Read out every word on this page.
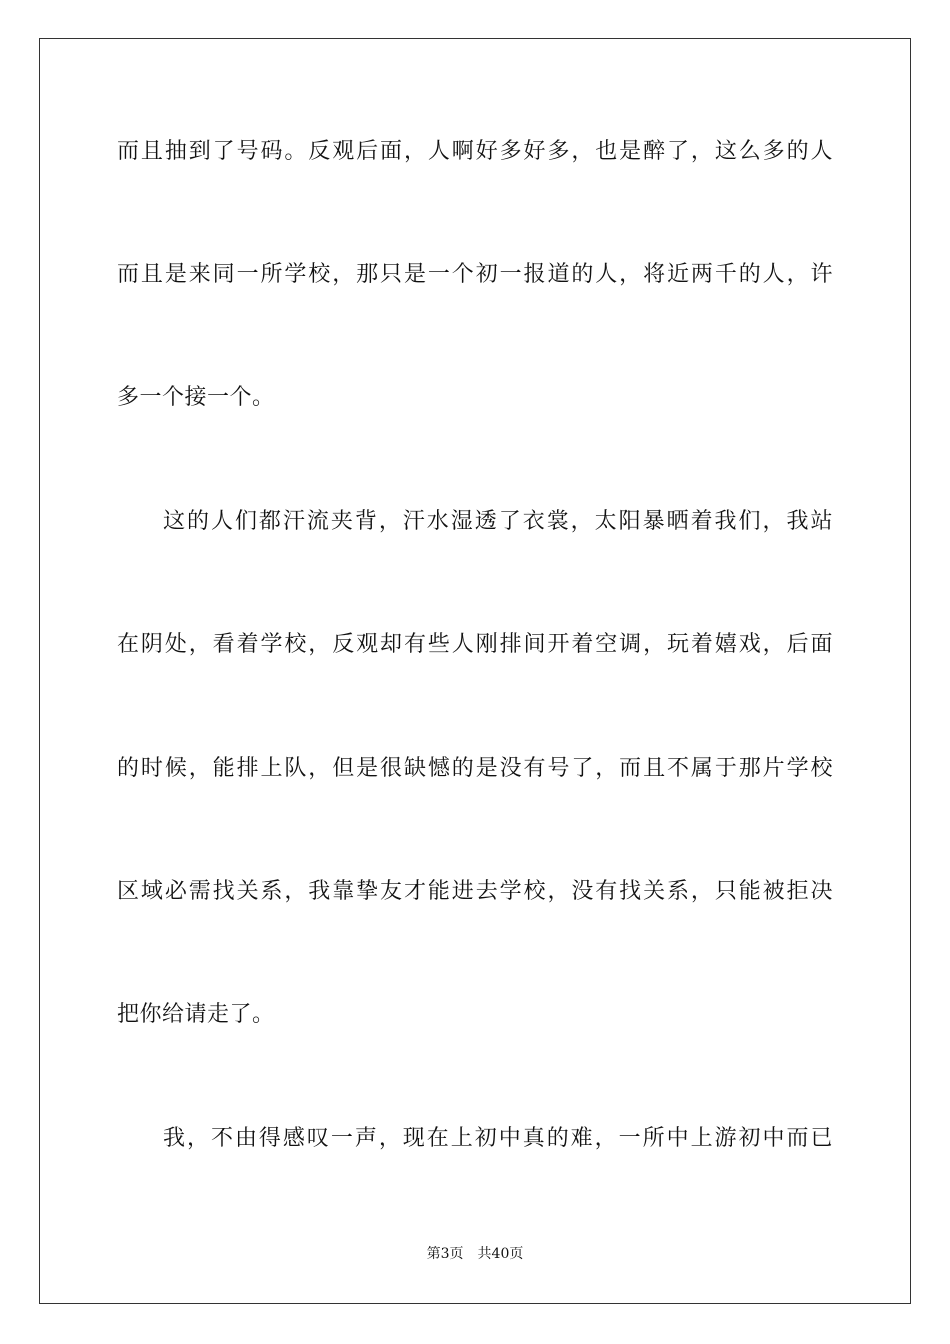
而且抽到了号码。反观后面，人啊好多好多，也是醉了，这么多的人
而且是来同一所学校，那只是一个初一报道的人，将近两千的人，许
多一个接一个。
这的人们都汗流夹背，汗水湿透了衣裳，太阳暴晒着我们，我站
在阴处，看着学校，反观却有些人刚排间开着空调，玩着嬉戏，后面
的时候，能排上队，但是很缺憾的是没有号了，而且不属于那片学校
区域必需找关系，我靠挚友才能进去学校，没有找关系，只能被拒决
把你给请走了。
我，不由得感叹一声，现在上初中真的难，一所中上游初中而已
第3页 共40页
